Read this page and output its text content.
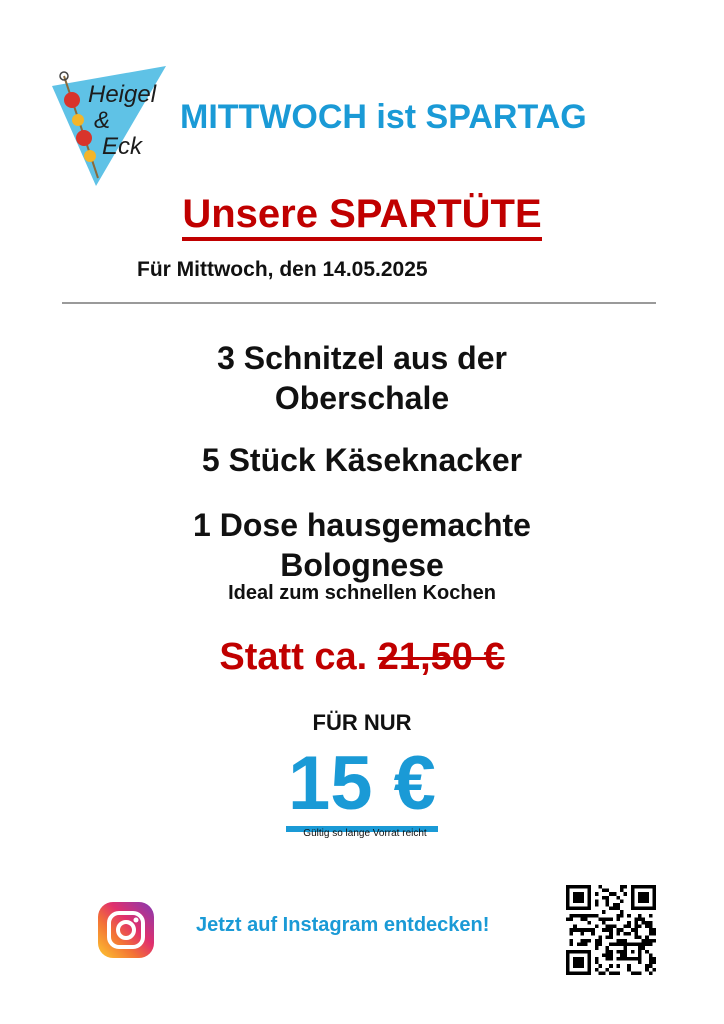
Heigel
&
Eck
MITTWOCH ist SPARTAG
Unsere SPARTÜTE
Für Mittwoch, den 14.05.2025
3 Schnitzel aus der
Oberschale
5 Stück Käseknacker
1 Dose hausgemachte
Bolognese
Ideal zum schnellen Kochen
Statt ca. 21,50 €
FÜR NUR
15 €
Gültig so lange Vorrat reicht
Jetzt auf Instagram entdecken!
